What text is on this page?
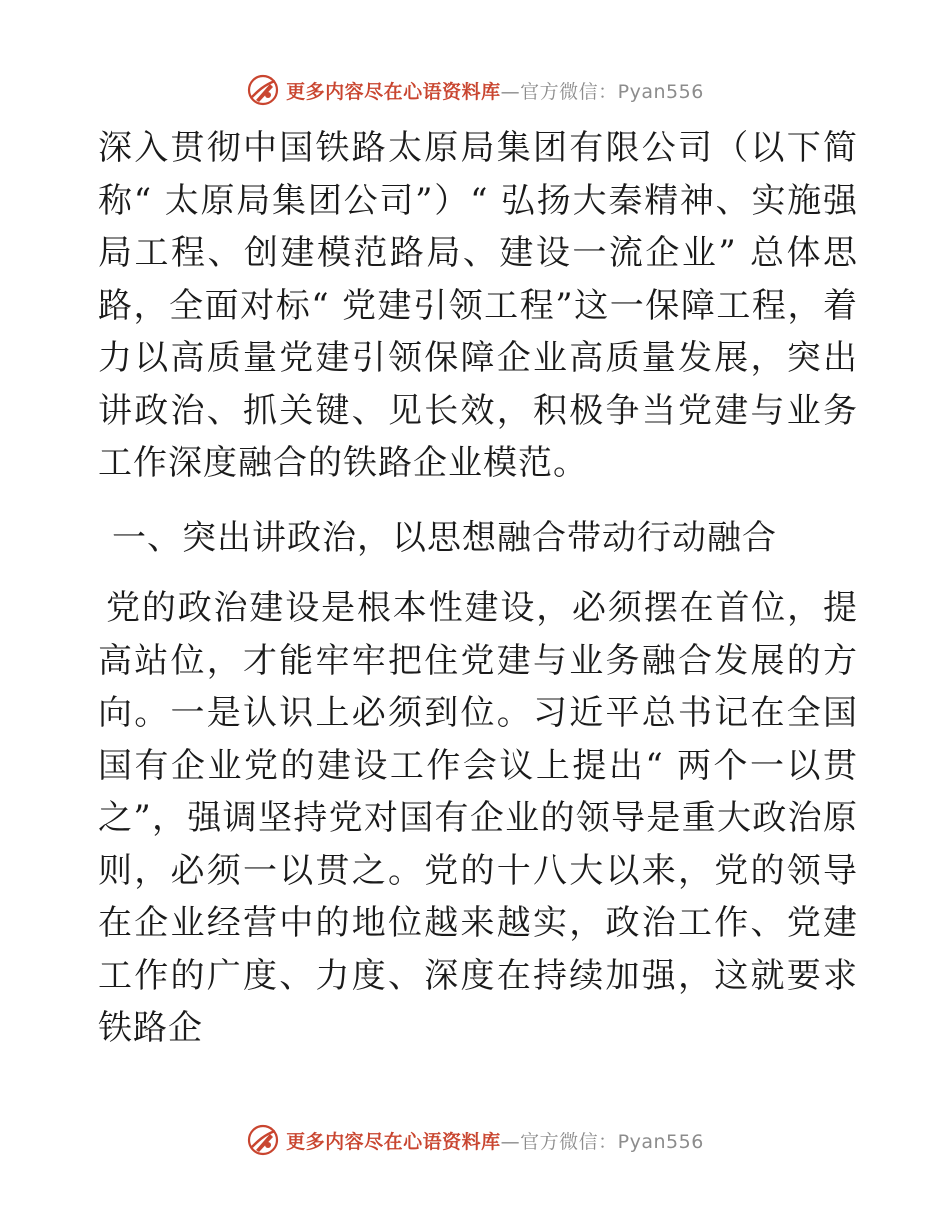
更多内容尽在心语资料库—官方微信：Pyan556

深入贯彻中国铁路太原局集团有限公司（以下简称“ 太原局集团公司”）“ 弘扬大秦精神、实施强局工程、创建模范路局、建设一流企业” 总体思路，全面对标“ 党建引领工程”这一保障工程，着力以高质量党建引领保障企业高质量发展，突出讲政治、抓关键、见长效，积极争当党建与业务工作深度融合的铁路企业模范。

一、突出讲政治，以思想融合带动行动融合

党的政治建设是根本性建设，必须摆在首位，提高站位，才能牢牢把住党建与业务融合发展的方向。一是认识上必须到位。习近平总书记在全国国有企业党的建设工作会议上提出“ 两个一以贯之”，强调坚持党对国有企业的领导是重大政治原则，必须一以贯之。党的十八大以来，党的领导在企业经营中的地位越来越实，政治工作、党建工作的广度、力度、深度在持续加强，这就要求铁路企

更多内容尽在心语资料库—官方微信：Pyan556
